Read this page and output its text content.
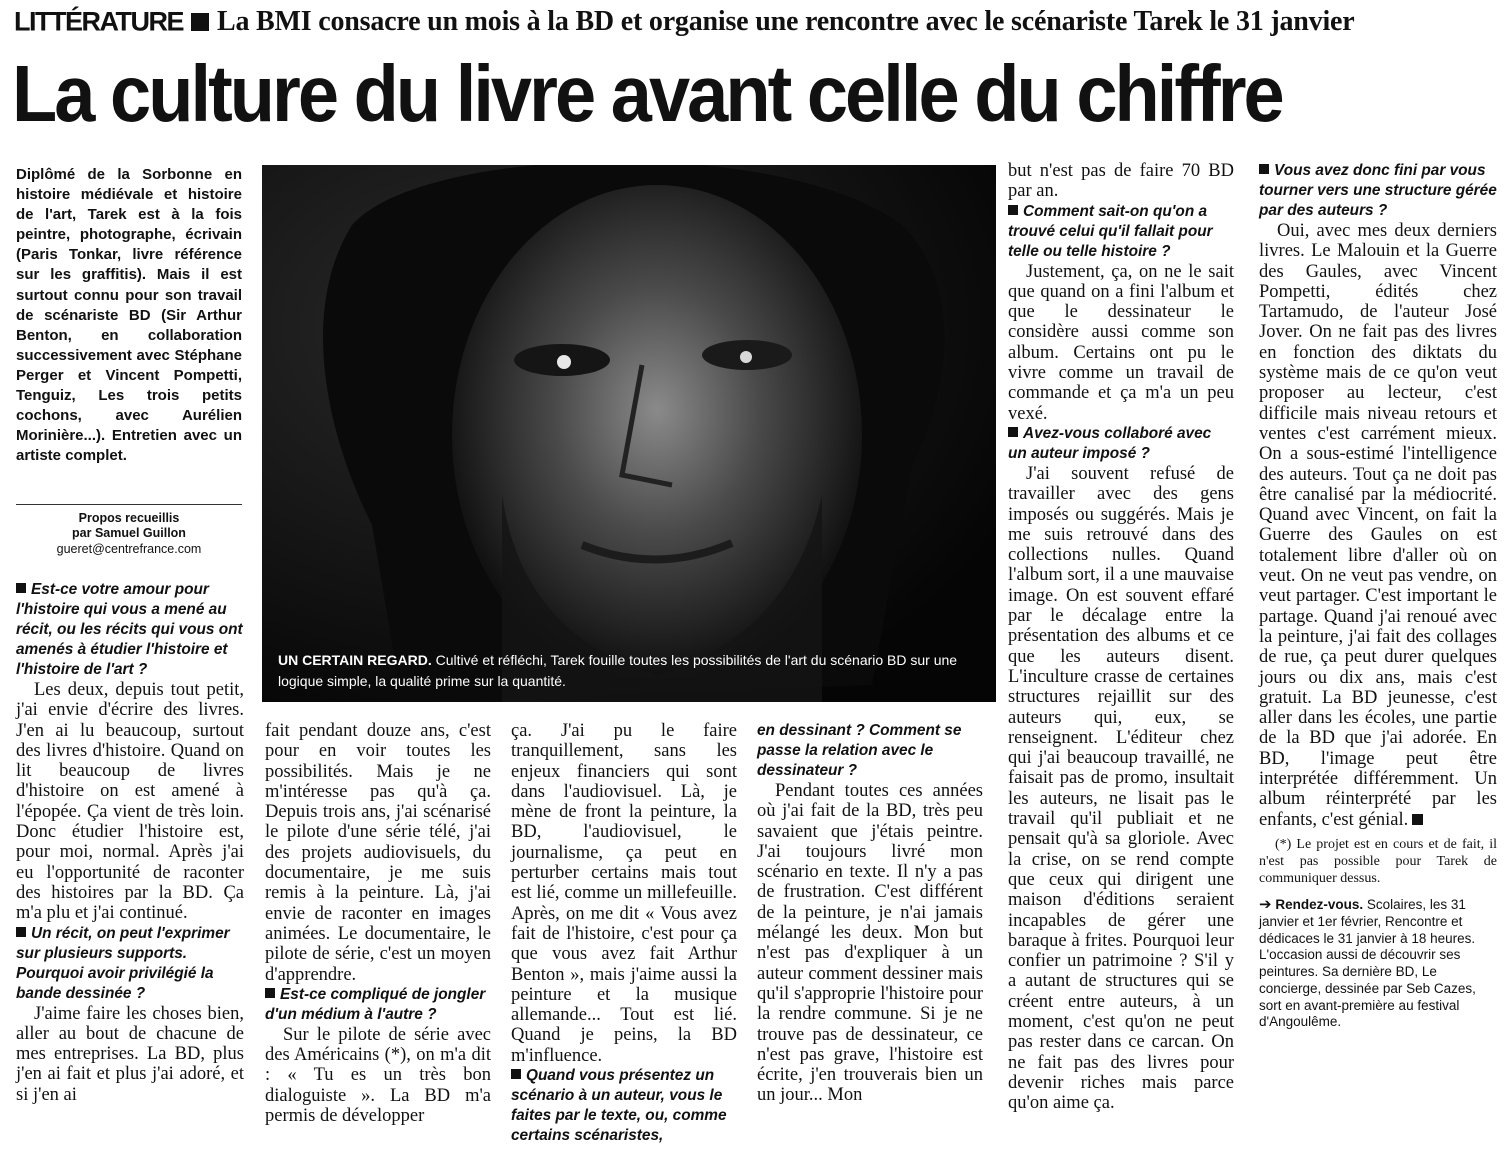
LITTÉRATURE La BMI consacre un mois à la BD et organise une rencontre avec le scénariste Tarek le 31 janvier
La culture du livre avant celle du chiffre
Diplômé de la Sorbonne en histoire médiévale et histoire de l'art, Tarek est à la fois peintre, photographe, écrivain (Paris Tonkar, livre référence sur les graffitis). Mais il est surtout connu pour son travail de scénariste BD (Sir Arthur Benton, en collaboration successivement avec Stéphane Perger et Vincent Pompetti, Tenguiz, Les trois petits cochons, avec Aurélien Morinière...). Entretien avec un artiste complet.
Propos recueillis
par Samuel Guillon
gueret@centrefrance.com
UN CERTAIN REGARD. Cultivé et réfléchi, Tarek fouille toutes les possibilités de l'art du scénario BD sur une logique simple, la qualité prime sur la quantité.

Est-ce votre amour pour l'histoire qui vous a mené au récit, ou les récits qui vous ont amenés à étudier l'histoire et l'histoire de l'art ?

Les deux, depuis tout petit, j'ai envie d'écrire des livres. J'en ai lu beaucoup, surtout des livres d'histoire. Quand on lit beaucoup de livres d'histoire on est amené à l'épopée. Ça vient de très loin. Donc étudier l'histoire est, pour moi, normal. Après j'ai eu l'opportunité de raconter des histoires par la BD. Ça m'a plu et j'ai continué.

Un récit, on peut l'exprimer sur plusieurs supports. Pourquoi avoir privilégié la bande dessinée ?

J'aime faire les choses bien, aller au bout de chacune de mes entreprises. La BD, plus j'en ai fait et plus j'ai adoré, et si j'en ai

fait pendant douze ans, c'est pour en voir toutes les possibilités. Mais je ne m'intéresse pas qu'à ça. Depuis trois ans, j'ai scénarisé le pilote d'une série télé, j'ai des projets audiovisuels, du documentaire, je me suis remis à la peinture. Là, j'ai envie de raconter en images animées. Le documentaire, le pilote de série, c'est un moyen d'apprendre.

Est-ce compliqué de jongler d'un médium à l'autre ?

Sur le pilote de série avec des Américains (*), on m'a dit : « Tu es un très bon dialoguiste ». La BD m'a permis de développer

ça. J'ai pu le faire tranquillement, sans les enjeux financiers qui sont dans l'audiovisuel. Là, je mène de front la peinture, la BD, l'audiovisuel, le journalisme, ça peut en perturber certains mais tout est lié, comme un millefeuille. Après, on me dit « Vous avez fait de l'histoire, c'est pour ça que vous avez fait Arthur Benton », mais j'aime aussi la peinture et la musique allemande... Tout est lié. Quand je peins, la BD m'influence.

Quand vous présentez un scénario à un auteur, vous le faites par le texte, ou, comme certains scénaristes,

en dessinant ? Comment se passe la relation avec le dessinateur ?

Pendant toutes ces années où j'ai fait de la BD, très peu savaient que j'étais peintre. J'ai toujours livré mon scénario en texte. Il n'y a pas de frustration. C'est différent de la peinture, je n'ai jamais mélangé les deux. Mon but n'est pas d'expliquer à un auteur comment dessiner mais qu'il s'approprie l'histoire pour la rendre commune. Si je ne trouve pas de dessinateur, ce n'est pas grave, l'histoire est écrite, j'en trouverais bien un un jour... Mon

but n'est pas de faire 70 BD par an.

Comment sait-on qu'on a trouvé celui qu'il fallait pour telle ou telle histoire ?

Justement, ça, on ne le sait que quand on a fini l'album et que le dessinateur le considère aussi comme son album. Certains ont pu le vivre comme un travail de commande et ça m'a un peu vexé.

Avez-vous collaboré avec un auteur imposé ?

J'ai souvent refusé de travailler avec des gens imposés ou suggérés. Mais je me suis retrouvé dans des collections nulles. Quand l'album sort, il a une mauvaise image. On est souvent effaré par le décalage entre la présentation des albums et ce que les auteurs disent. L'inculture crasse de certaines structures rejaillit sur des auteurs qui, eux, se renseignent. L'éditeur chez qui j'ai beaucoup travaillé, ne faisait pas de promo, insultait les auteurs, ne lisait pas le travail qu'il publiait et ne pensait qu'à sa gloriole. Avec la crise, on se rend compte que ceux qui dirigent une maison d'éditions seraient incapables de gérer une baraque à frites. Pourquoi leur confier un patrimoine ? S'il y a autant de structures qui se créent entre auteurs, à un moment, c'est qu'on ne peut pas rester dans ce carcan. On ne fait pas des livres pour devenir riches mais parce qu'on aime ça.

Vous avez donc fini par vous tourner vers une structure gérée par des auteurs ?

Oui, avec mes deux derniers livres. Le Malouin et la Guerre des Gaules, avec Vincent Pompetti, édités chez Tartamudo, de l'auteur José Jover. On ne fait pas des livres en fonction des diktats du système mais de ce qu'on veut proposer au lecteur, c'est difficile mais niveau retours et ventes c'est carrément mieux. On a sous-estimé l'intelligence des auteurs. Tout ça ne doit pas être canalisé par la médiocrité. Quand avec Vincent, on fait la Guerre des Gaules on est totalement libre d'aller où on veut. On ne veut pas vendre, on veut partager. C'est important le partage. Quand j'ai renoué avec la peinture, j'ai fait des collages de rue, ça peut durer quelques jours ou dix ans, mais c'est gratuit. La BD jeunesse, c'est aller dans les écoles, une partie de la BD que j'ai adorée. En BD, l'image peut être interprétée différemment. Un album réinterprété par les enfants, c'est génial.

(*) Le projet est en cours et de fait, il n'est pas possible pour Tarek de communiquer dessus.

➔ Rendez-vous. Scolaires, les 31 janvier et 1er février, Rencontre et dédicaces le 31 janvier à 18 heures. L'occasion aussi de découvrir ses peintures. Sa dernière BD, Le concierge, dessinée par Seb Cazes, sort en avant-première au festival d'Angoulême.
